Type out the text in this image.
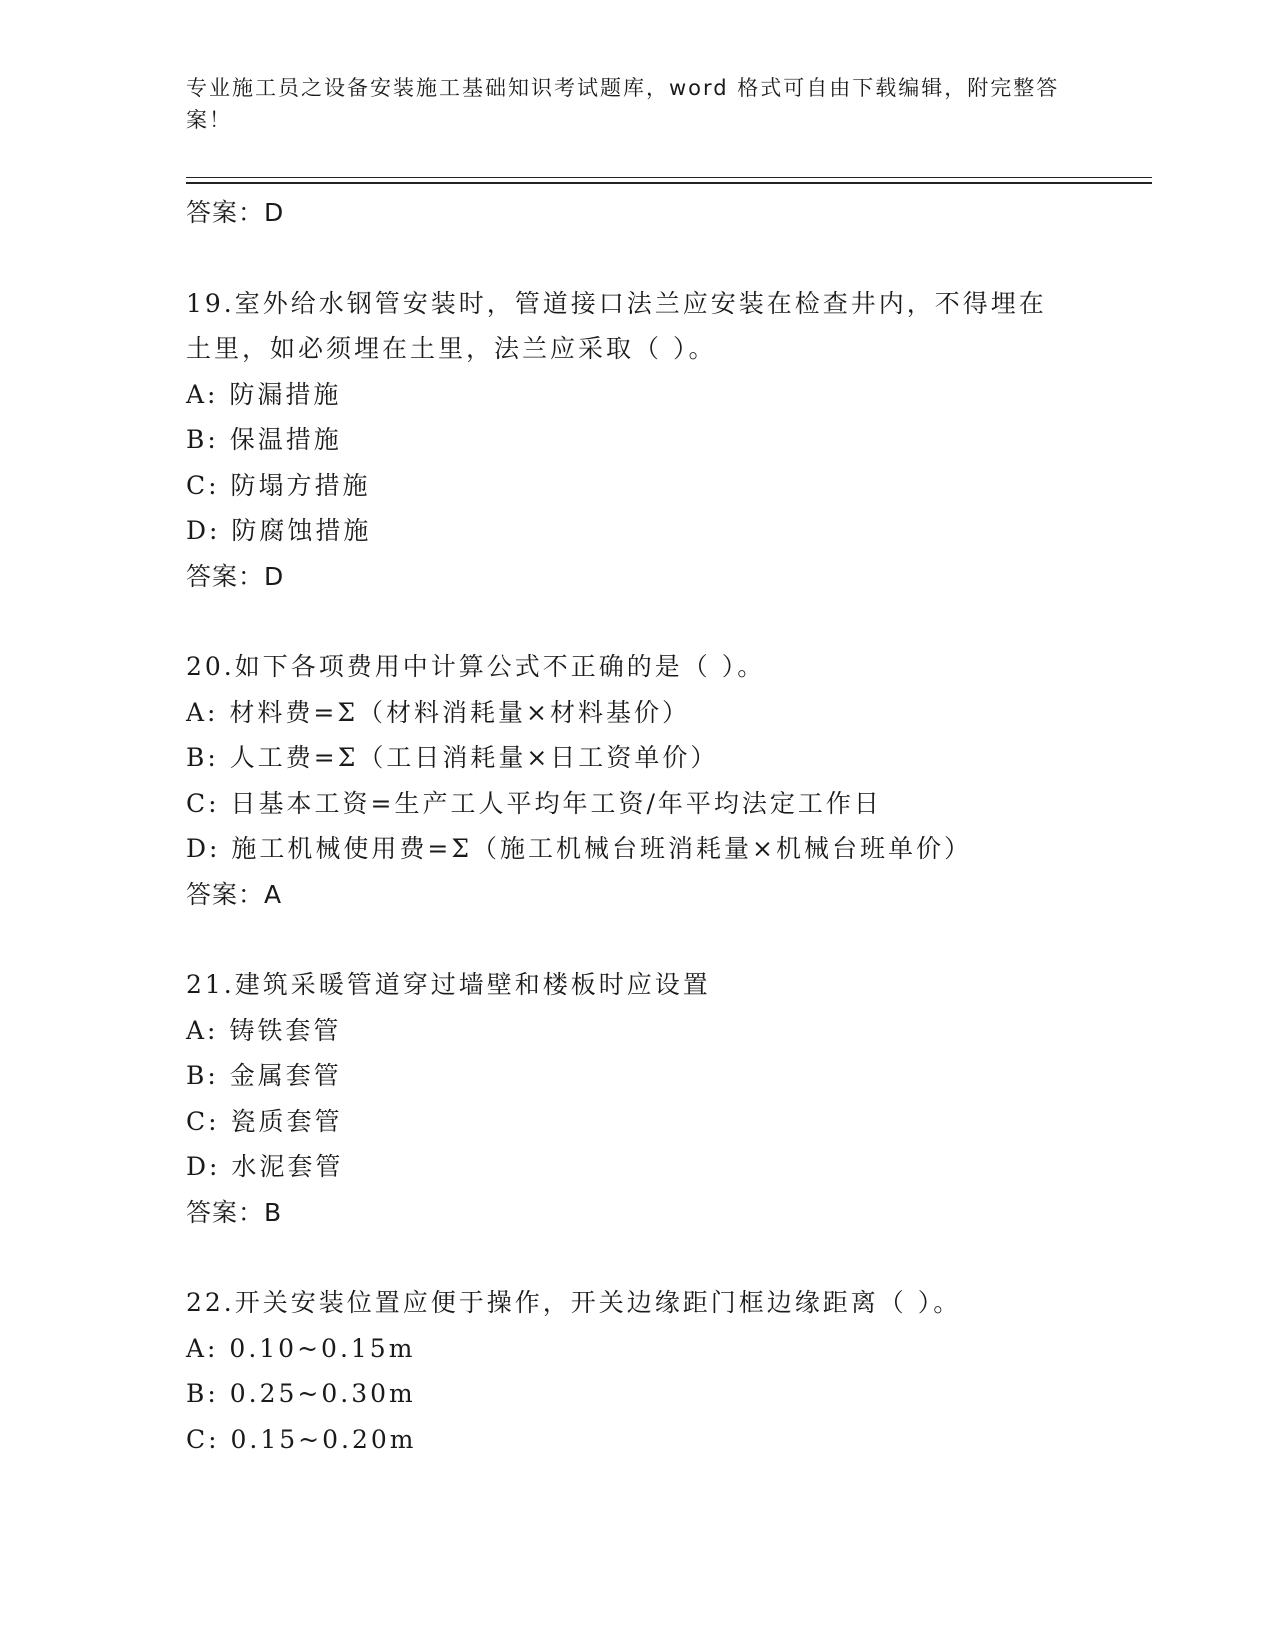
专业施工员之设备安装施工基础知识考试题库，word 格式可自由下载编辑，附完整答案！
答案：D
19.室外给水钢管安装时，管道接口法兰应安装在检查井内，不得埋在土里，如必须埋在土里，法兰应采取（ ）。
A: 防漏措施
B: 保温措施
C: 防塌方措施
D: 防腐蚀措施
答案：D
20.如下各项费用中计算公式不正确的是（ ）。
A: 材料费=Σ（材料消耗量×材料基价）
B: 人工费=Σ（工日消耗量×日工资单价）
C: 日基本工资=生产工人平均年工资/年平均法定工作日
D: 施工机械使用费=Σ（施工机械台班消耗量×机械台班单价）
答案：A
21.建筑采暖管道穿过墙壁和楼板时应设置
A: 铸铁套管
B: 金属套管
C: 瓷质套管
D: 水泥套管
答案：B
22.开关安装位置应便于操作，开关边缘距门框边缘距离（ ）。
A: 0.10~0.15m
B: 0.25~0.30m
C: 0.15~0.20m
